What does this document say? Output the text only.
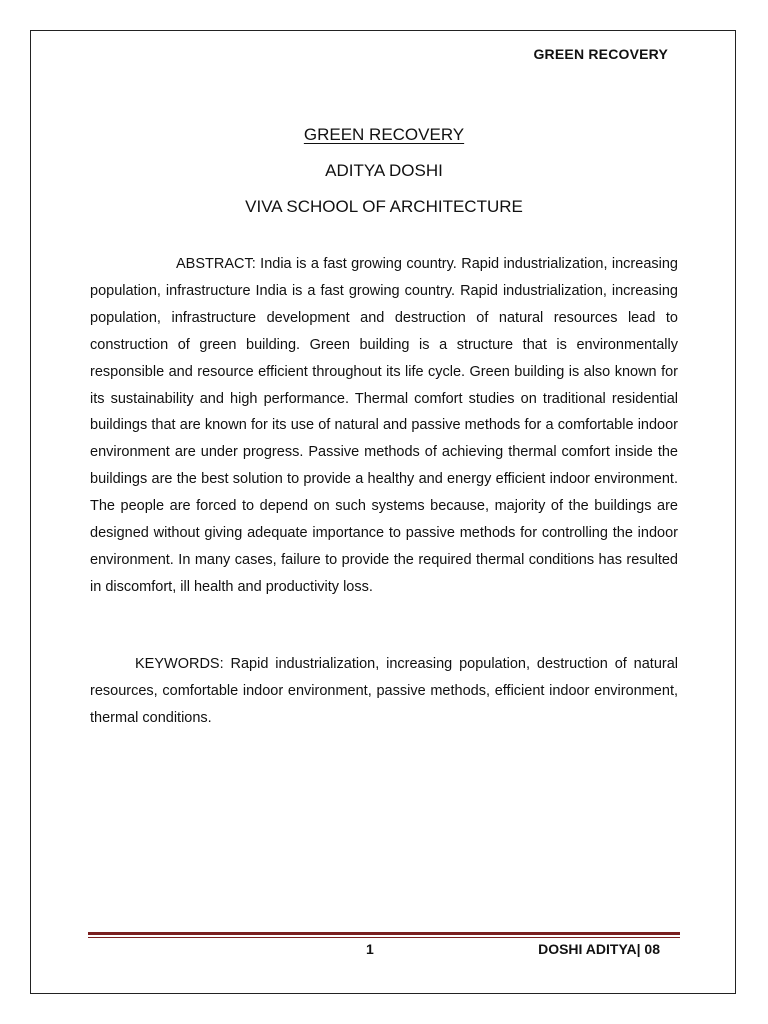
GREEN RECOVERY
GREEN RECOVERY
ADITYA DOSHI
VIVA SCHOOL OF ARCHITECTURE

ABSTRACT: India is a fast growing country. Rapid industrialization, increasing population, infrastructure India is a fast growing country. Rapid industrialization, increasing population, infrastructure development and destruction of natural resources lead to construction of green building. Green building is a structure that is environmentally responsible and resource efficient throughout its life cycle. Green building is also known for its sustainability and high performance. Thermal comfort studies on traditional residential buildings that are known for its use of natural and passive methods for a comfortable indoor environment are under progress. Passive methods of achieving thermal comfort inside the buildings are the best solution to provide a healthy and energy efficient indoor environment. The people are forced to depend on such systems because, majority of the buildings are designed without giving adequate importance to passive methods for controlling the indoor environment. In many cases, failure to provide the required thermal conditions has resulted in discomfort, ill health and productivity loss.

KEYWORDS: Rapid industrialization, increasing population, destruction of natural resources, comfortable indoor environment, passive methods, efficient indoor environment, thermal conditions.

1	DOSHI ADITYA| 08
